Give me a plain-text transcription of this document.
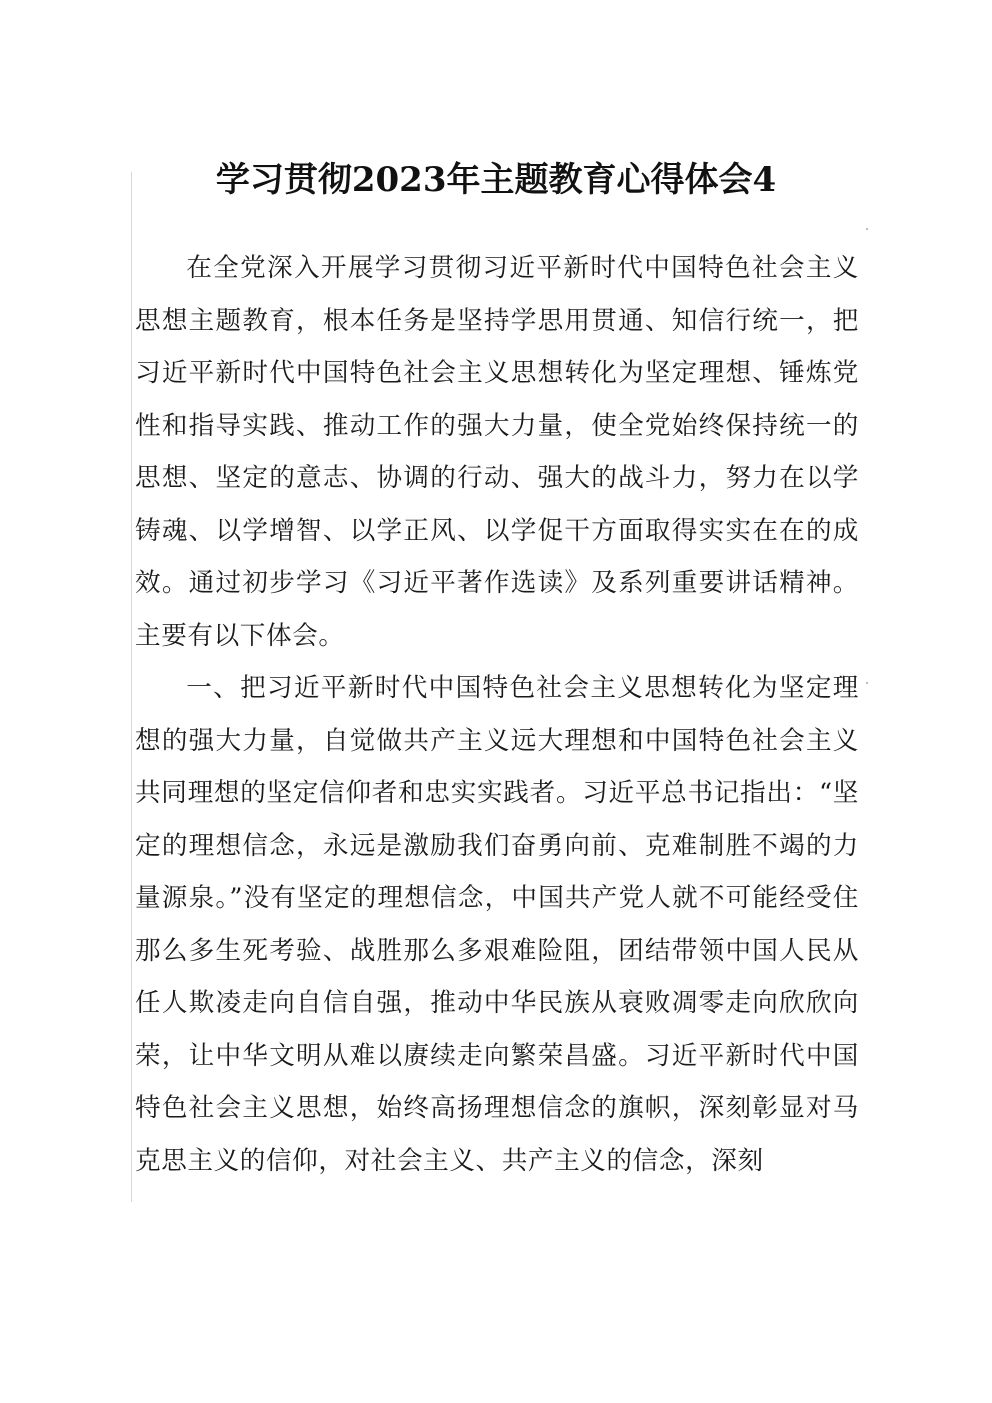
学习贯彻2023年主题教育心得体会4

在全党深入开展学习贯彻习近平新时代中国特色社会主义思想主题教育，根本任务是坚持学思用贯通、知信行统一，把习近平新时代中国特色社会主义思想转化为坚定理想、锤炼党性和指导实践、推动工作的强大力量，使全党始终保持统一的思想、坚定的意志、协调的行动、强大的战斗力，努力在以学铸魂、以学增智、以学正风、以学促干方面取得实实在在的成效。通过初步学习《习近平著作选读》及系列重要讲话精神。主要有以下体会。

一、把习近平新时代中国特色社会主义思想转化为坚定理想的强大力量，自觉做共产主义远大理想和中国特色社会主义共同理想的坚定信仰者和忠实实践者。习近平总书记指出：“坚定的理想信念，永远是激励我们奋勇向前、克难制胜不竭的力量源泉。”没有坚定的理想信念，中国共产党人就不可能经受住那么多生死考验、战胜那么多艰难险阻，团结带领中国人民从任人欺凌走向自信自强，推动中华民族从衰败凋零走向欣欣向荣，让中华文明从难以赓续走向繁荣昌盛。习近平新时代中国特色社会主义思想，始终高扬理想信念的旗帜，深刻彰显对马克思主义的信仰，对社会主义、共产主义的信念，深刻
